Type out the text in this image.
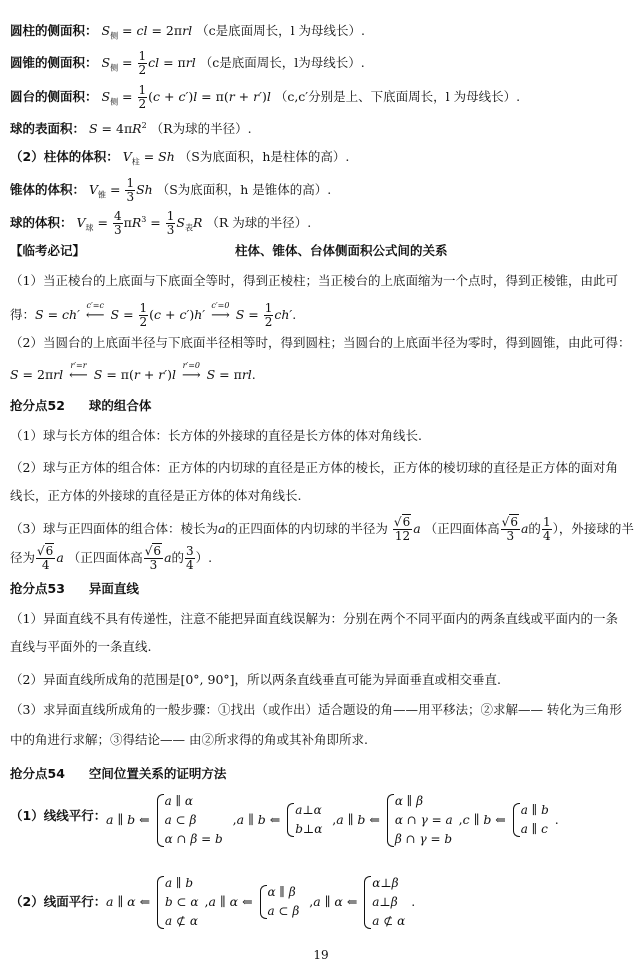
圆柱的侧面积： $S_侧$ = cl = 2πrl （c是底面周长，l 为母线长）.
圆锥的侧面积： $S_侧 = \frac{1}{2}$ cl = πrl （c是底面周长，l为母线长）.
圆台的侧面积： $S_侧 = \frac{1}{2} (c + c')l = \pi(r + r')l$ （c,c′分别是上、下底面周长，l 为母线长）.
球的表面积： $S = 4\pi R^2$ （R为球的半径）.
（2）柱体的体积： $V_柱 = Sh$ （S为底面积，h是柱体的高）.
锥体的体积： $V_锥 = \frac{1}{3}$ Sh （S为底面积，h 是锥体的高）.
球的体积： $V_球 = \frac{4}{3} \pi R^3 = \frac{1}{3} S_表R$ （R 为球的半径）.
【临考必记】	柱体、锥体、台体侧面积公式间的关系
（1）当正棱台的上底面与下底面全等时，得到正棱柱；当正棱台的上底面缩为一个点时，得到正棱锥，由此可
得：S = ch′
c′=c
⟵ $S = \frac{1}{2} (c + c')h'$
c′=0
⟶ $S = \frac{1}{2} ch'$.
（2）当圆台的上底面半径与下底面半径相等时，得到圆柱；当圆台的上底面半径为零时，得到圆锥，由此可得：
S = 2πrl
r′=r
⟵ S = π(r + r′)l
r′=0
⟶ S = πrl.
抢分点52 球的组合体
（1）球与长方体的组合体：长方体的外接球的直径是长方体的体对角线长.
（2）球与正方体的组合体：正方体的内切球的直径是正方体的棱长，正方体的棱切球的直径是正方体的面对角
线长，正方体的外接球的直径是正方体的体对角线长.
（3）球与正四面体的组合体：棱长为a的正四面体的内切球的半径为 $\frac{√6}{12}$ a （正四面体高 $\frac{√6}{3}$ a的 $\frac{1}{4}$ ），外接球的半
径为 $\frac{√6}{4}$ a （正四面体高 $\frac{√6}{3}$ a的 $\frac{3}{4}$ ）.
抢分点53 异面直线
（1）异面直线不具有传递性，注意不能把异面直线误解为：分别在两个不同平面内的两条直线或平面内的一条
直线与平面外的一条直线.
（2）异面直线所成角的范围是[0°, 90°]，所以两条直线垂直可能为异面垂直或相交垂直.
（3）求异面直线所成角的一般步骤：①找出（或作出）适合题设的角——用平移法；②求解—— 转化为三角形
中的角进行求解；③得结论—— 由②所求得的角或其补角即所求.
抢分点54 空间位置关系的证明方法
（1）线线平行： a ∥ b ⇐
a ∥ α
a ⊂ β
α ∩ β = b
, a ∥ b ⇐
a⊥α
b⊥α
, a ∥ b ⇐
α ∥ β
α ∩ γ = a
β ∩ γ = b
, c ∥ b ⇐
a ∥ b
a ∥ c
.
（2）线面平行： a ∥ α ⇐
a ∥ b
b ⊂ α
a ⊄ α
, a ∥ α ⇐
α ∥ β
a ⊂ β
, a ∥ α ⇐
α⊥β
a⊥β
a ⊄ α
.
19
